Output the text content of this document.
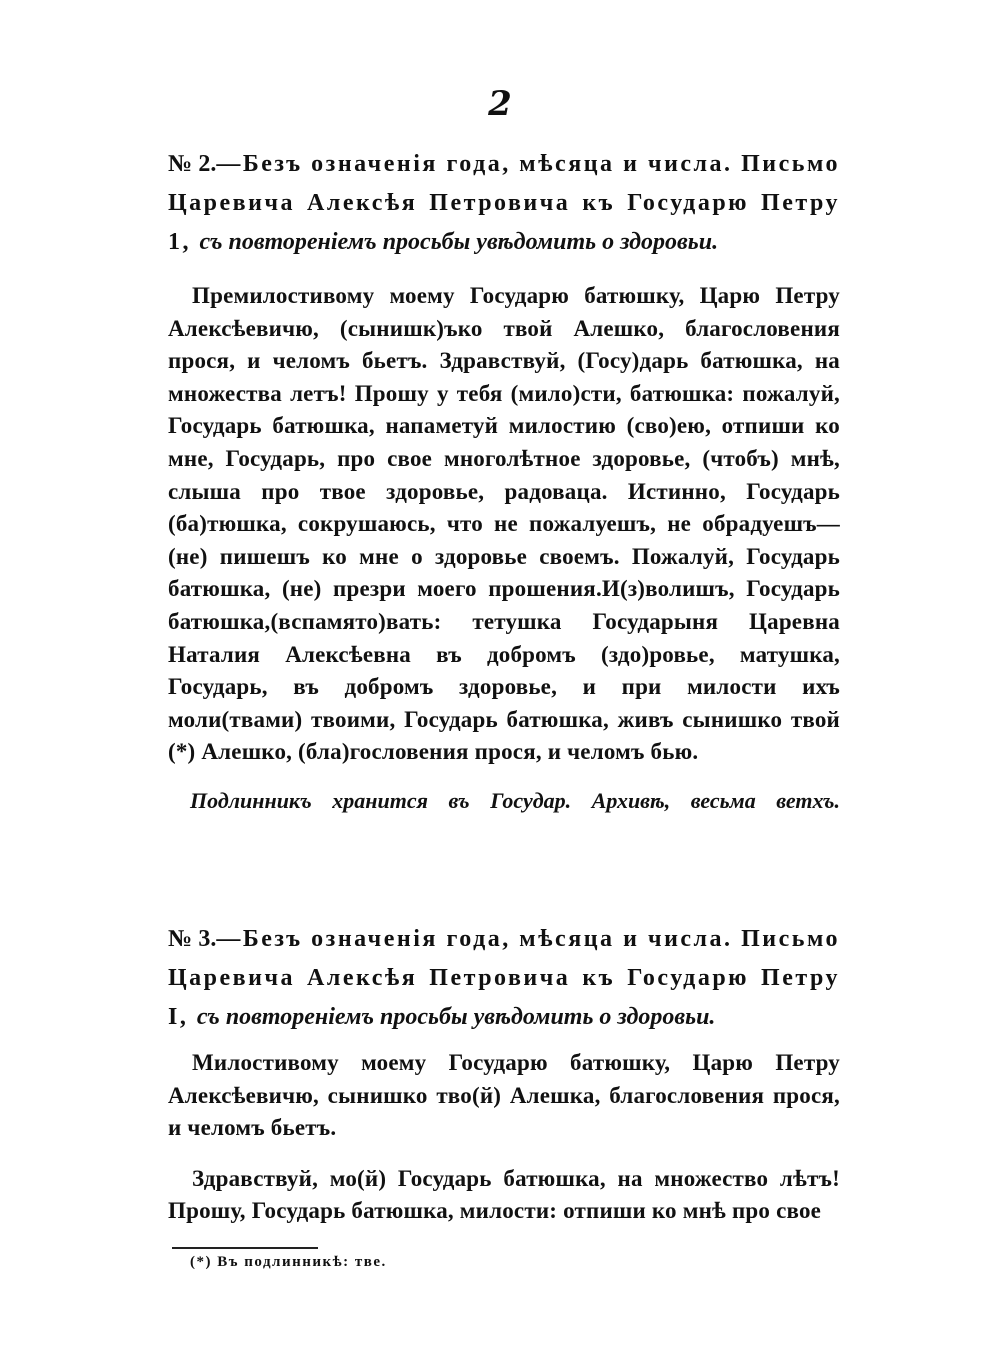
2
№ 2.—Безъ означенія года, мѣсяца и числа. Письмо Царевича Алексѣя Петровича къ Государю Петру 1, съ повтореніемъ просьбы увѣдомить о здоровьи.

Премилостивому моему Государю батюшку, Царю Петру Алексѣевичю, (сынишк)ъко твой Алешко, благословения прося, и челомъ бьетъ. Здравствуй, (Госу)дарь батюшка, на множества летъ! Прошу у тебя (мило)сти, батюшка: пожалуй, Государь батюшка, напаметуй милостию (сво)ею, отпиши ко мне, Государь, про свое многолѣтное здоровье, (чтобъ) мнѣ, слыша про твое здоровье, радовацa. Истинно, Государь (ба)тюшка, сокрушаюсь, что не пожалуешъ, не обрадуешъ—(не) пишешъ ко мне о здоровье своемъ. Пожалуй, Государь батюшка, (не) презри моего прошения.И(з)волишъ, Государь батюшка,(вспамято)вать: тетушка Государыня Царевна Наталия Алексѣевна въ добромъ (здо)ровье, матушка, Государь, въ добромъ здоровье, и при милости ихъ моли(твами) твоими, Государь батюшка, живъ сынишко твой (*) Алешко, (бла)гословения прося, и челомъ бью.

Подлинникъ хранится въ Государ. Архивѣ, весьма ветхъ.
№ 3.—Безъ означенія года, мѣсяца и числа. Письмо Царевича Алексѣя Петровича къ Государю Петру I, съ повтореніемъ просьбы увѣдомить о здоровьи.

Милостивому моему Государю батюшку, Царю Петру Алексѣевичю, сынишко тво(й) Алешка, благословения прося, и челомъ бьетъ.

Здравствуй, мо(й) Государь батюшка, на множество лѣтъ! Прошу, Государь батюшка, милости: отпиши ко мнѣ про свое

(*) Въ подлинникѣ: тве.
